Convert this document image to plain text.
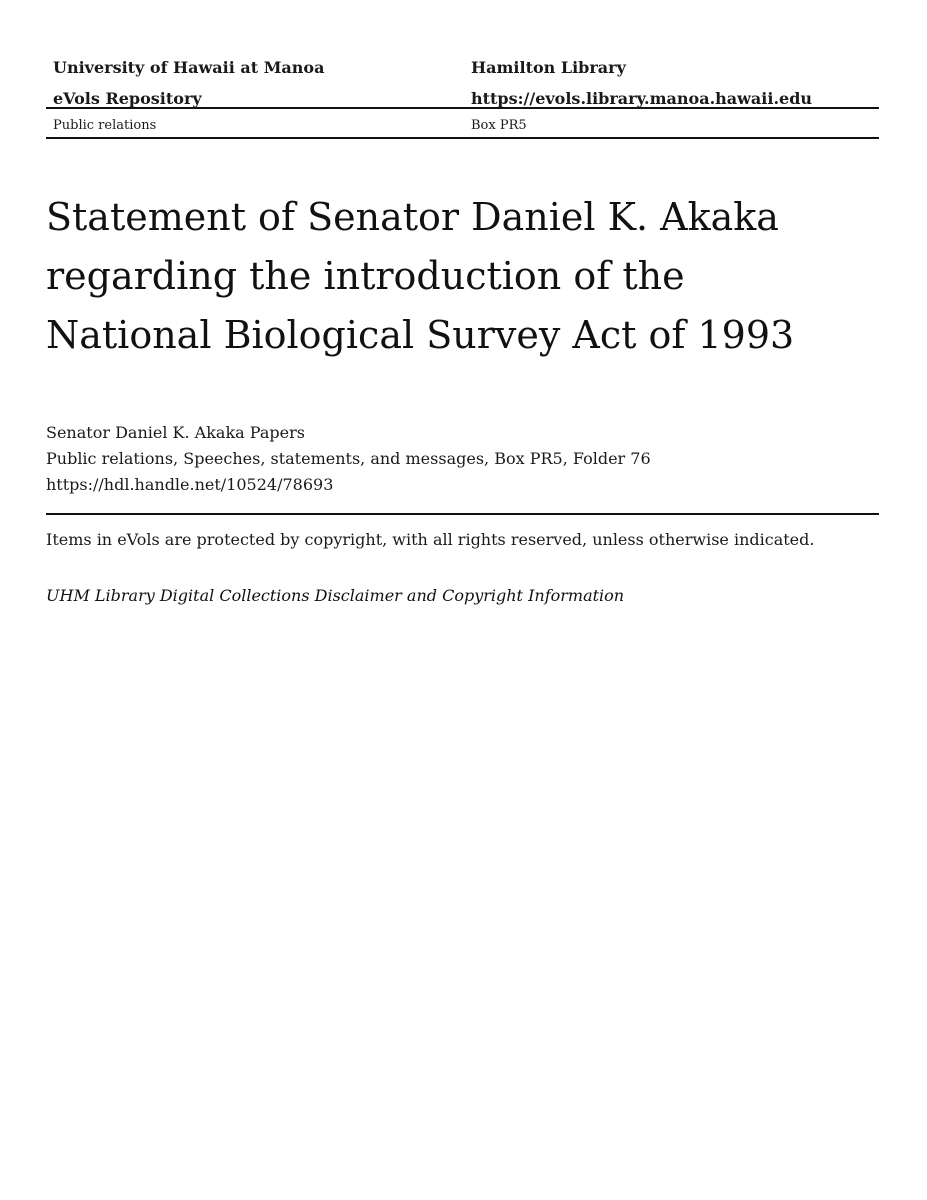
University of Hawaii at Manoa	Hamilton Library
eVols Repository	https://evols.library.manoa.hawaii.edu
Public relations	Box PR5
Statement of Senator Daniel K. Akaka
regarding the introduction of the
National Biological Survey Act of 1993
Senator Daniel K. Akaka Papers
Public relations, Speeches, statements, and messages, Box PR5, Folder 76
https://hdl.handle.net/10524/78693
Items in eVols are protected by copyright, with all rights reserved, unless otherwise indicated.
UHM Library Digital Collections Disclaimer and Copyright Information
